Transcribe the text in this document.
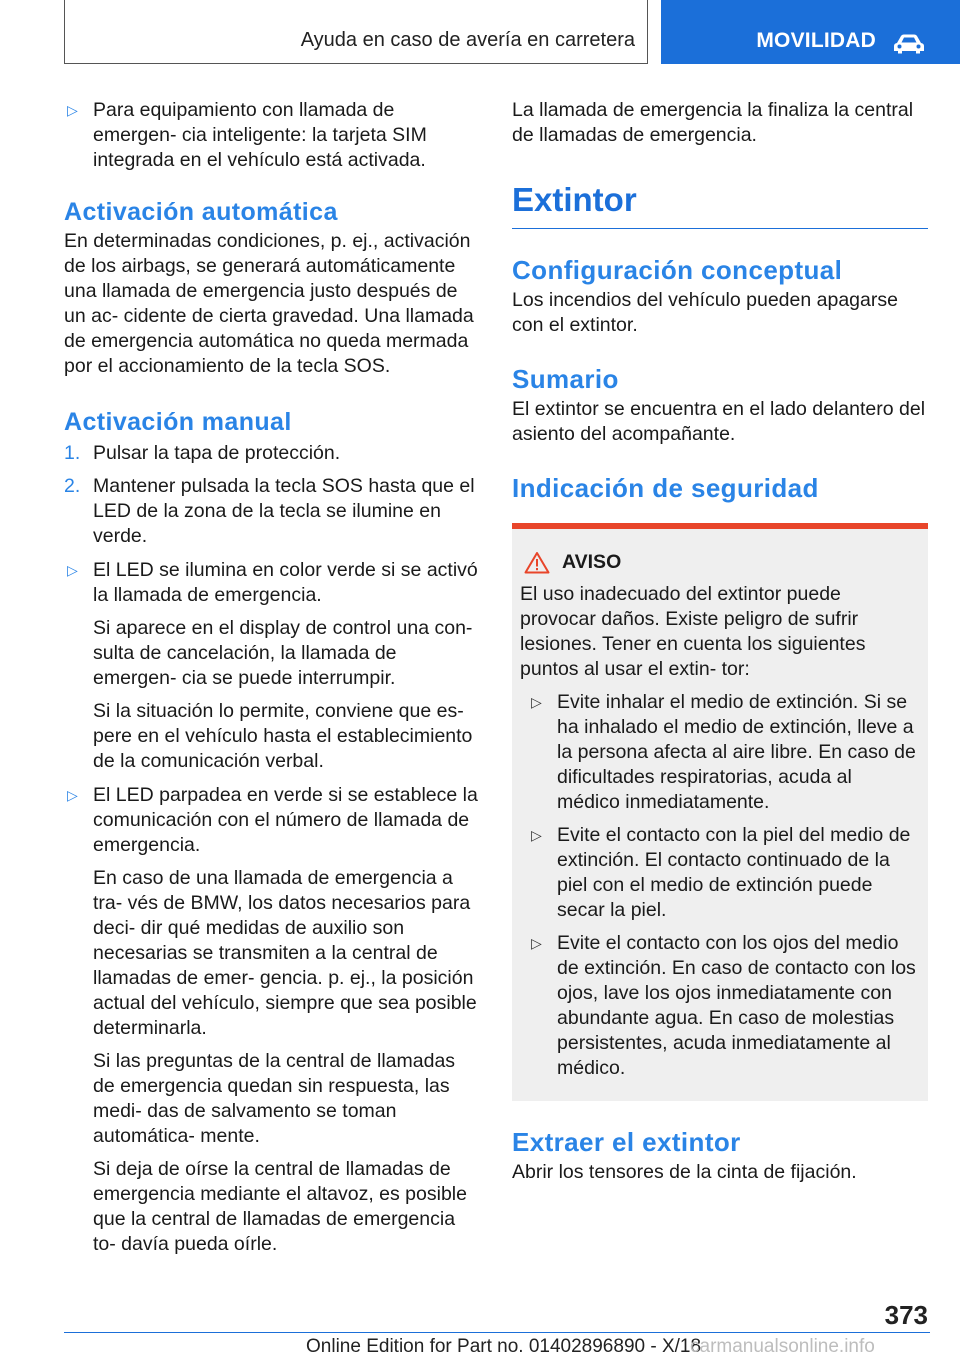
Ayuda en caso de avería en carretera	MOVILIDAD
▷ Para equipamiento con llamada de emergen‐ cia inteligente: la tarjeta SIM integrada en el vehículo está activada.

Activación automática

En determinadas condiciones, p. ej., activación de los airbags, se generará automáticamente una llamada de emergencia justo después de un ac‐ cidente de cierta gravedad. Una llamada de emergencia automática no queda mermada por el accionamiento de la tecla SOS.

Activación manual
1. Pulsar la tapa de protección.

2. Mantener pulsada la tecla SOS hasta que el LED de la zona de la tecla se ilumine en verde.

▷ El LED se ilumina en color verde si se activó la llamada de emergencia.

Si aparece en el display de control una con‐ sulta de cancelación, la llamada de emergen‐ cia se puede interrumpir.

Si la situación lo permite, conviene que es‐ pere en el vehículo hasta el establecimiento de la comunicación verbal.

▷ El LED parpadea en verde si se establece la comunicación con el número de llamada de emergencia.

En caso de una llamada de emergencia a tra‐ vés de BMW, los datos necesarios para deci‐ dir qué medidas de auxilio son necesarias se transmiten a la central de llamadas de emer‐ gencia. p. ej., la posición actual del vehículo, siempre que sea posible determinarla.

Si las preguntas de la central de llamadas de emergencia quedan sin respuesta, las medi‐ das de salvamento se toman automática‐ mente.

Si deja de oírse la central de llamadas de emergencia mediante el altavoz, es posible que la central de llamadas de emergencia to‐ davía pueda oírle.

La llamada de emergencia la finaliza la central de llamadas de emergencia.

Extintor
Configuración conceptual

Los incendios del vehículo pueden apagarse con el extintor.

Sumario

El extintor se encuentra en el lado delantero del asiento del acompañante.

Indicación de seguridad
AVISO

El uso inadecuado del extintor puede provocar daños. Existe peligro de sufrir lesiones. Tener en cuenta los siguientes puntos al usar el extin‐ tor:

▷ Evite inhalar el medio de extinción. Si se ha inhalado el medio de extinción, lleve a la persona afecta al aire libre. En caso de dificultades respiratorias, acuda al médico inmediatamente.

▷ Evite el contacto con la piel del medio de extinción. El contacto continuado de la piel con el medio de extinción puede secar la piel.

▷ Evite el contacto con los ojos del medio de extinción. En caso de contacto con los ojos, lave los ojos inmediatamente con abundante agua. En caso de molestias persistentes, acuda inmediatamente al médico.

Extraer el extintor

Abrir los tensores de la cinta de fijación.

373
Online Edition for Part no. 01402896890 - X/18
carmanualsonline.info
